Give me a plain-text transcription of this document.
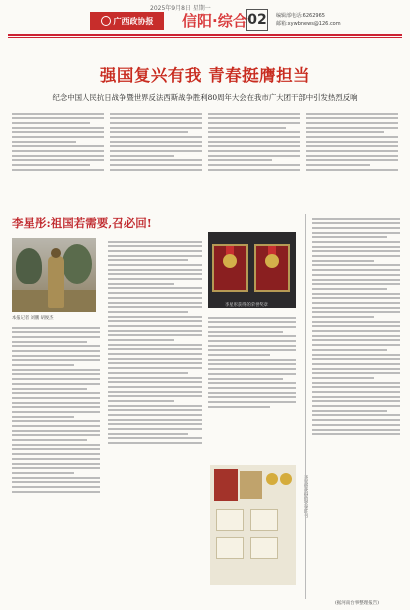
2025年9月8日 星期一
广西政协报 信阳·综合 02 编辑部电话:6262965
邮箱:xywbnews@126.com
强国复兴有我 青春挺膺担当
纪念中国人民抗日战争暨世界反法西斯战争胜利80周年大会在我市广大团干部中引发热烈反响
李星彤:祖国若需要,召必回!
本报记者 刘鹏 胡俊杰
李星彤获得的荣誉奖章
(据河南台事整理报告)
